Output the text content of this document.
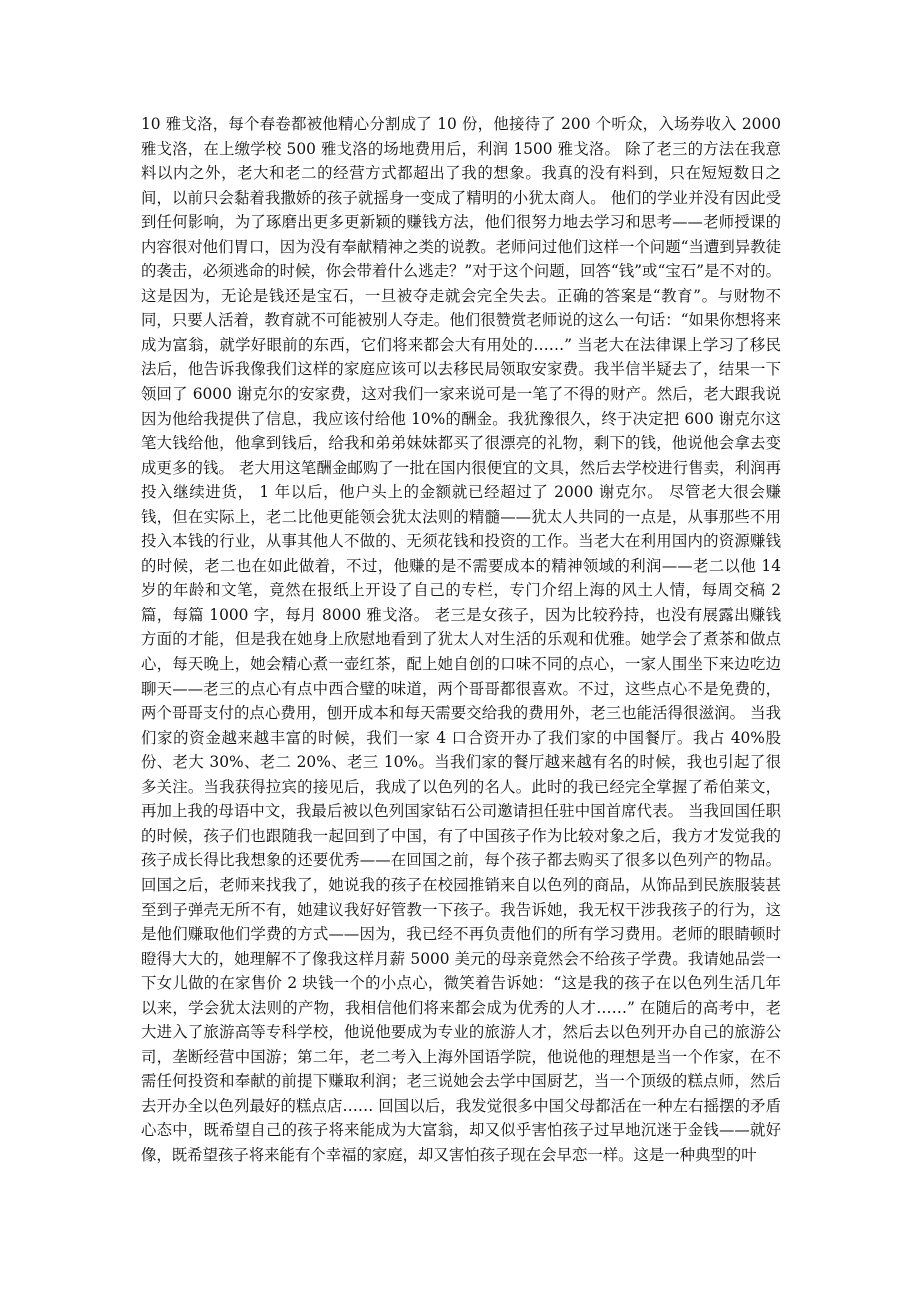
10 雅戈洛，每个春卷都被他精心分割成了 10 份，他接待了 200 个听众，入场券收入 2000 雅戈洛，在上缴学校 500 雅戈洛的场地费用后，利润 1500 雅戈洛。 除了老三的方法在我意料以内之外，老大和老二的经营方式都超出了我的想象。我真的没有料到，只在短短数日之间，以前只会黏着我撒娇的孩子就摇身一变成了精明的小犹太商人。 他们的学业并没有因此受到任何影响，为了琢磨出更多更新颖的赚钱方法，他们很努力地去学习和思考——老师授课的内容很对他们胃口，因为没有奉献精神之类的说教。老师问过他们这样一个问题“当遭到异教徒的袭击，必须逃命的时候，你会带着什么逃走？”对于这个问题，回答“钱”或“宝石”是不对的。这是因为，无论是钱还是宝石，一旦被夺走就会完全失去。正确的答案是“教育”。与财物不同，只要人活着，教育就不可能被别人夺走。他们很赞赏老师说的这么一句话：“如果你想将来成为富翁，就学好眼前的东西，它们将来都会大有用处的……” 当老大在法律课上学习了移民法后，他告诉我像我们这样的家庭应该可以去移民局领取安家费。我半信半疑去了，结果一下领回了 6000 谢克尔的安家费，这对我们一家来说可是一笔了不得的财产。然后，老大跟我说因为他给我提供了信息，我应该付给他 10%的酬金。我犹豫很久，终于决定把 600 谢克尔这笔大钱给他，他拿到钱后，给我和弟弟妹妹都买了很漂亮的礼物，剩下的钱，他说他会拿去变成更多的钱。 老大用这笔酬金邮购了一批在国内很便宜的文具，然后去学校进行售卖，利润再投入继续进货， 1 年以后，他户头上的金额就已经超过了 2000 谢克尔。 尽管老大很会赚钱，但在实际上，老二比他更能领会犹太法则的精髓——犹太人共同的一点是，从事那些不用投入本钱的行业，从事其他人不做的、无须花钱和投资的工作。当老大在利用国内的资源赚钱的时候，老二也在如此做着，不过，他赚的是不需要成本的精神领域的利润——老二以他 14 岁的年龄和文笔，竟然在报纸上开设了自己的专栏，专门介绍上海的风土人情，每周交稿 2 篇，每篇 1000 字，每月 8000 雅戈洛。 老三是女孩子，因为比较矜持，也没有展露出赚钱方面的才能，但是我在她身上欣慰地看到了犹太人对生活的乐观和优雅。她学会了煮茶和做点心，每天晚上，她会精心煮一壶红茶，配上她自创的口味不同的点心，一家人围坐下来边吃边聊天——老三的点心有点中西合璧的味道，两个哥哥都很喜欢。不过，这些点心不是免费的，两个哥哥支付的点心费用，刨开成本和每天需要交给我的费用外，老三也能活得很滋润。 当我们家的资金越来越丰富的时候，我们一家 4 口合资开办了我们家的中国餐厅。我占 40%股份、老大 30%、老二 20%、老三 10%。当我们家的餐厅越来越有名的时候，我也引起了很多关注。当我获得拉宾的接见后，我成了以色列的名人。此时的我已经完全掌握了希伯莱文，再加上我的母语中文，我最后被以色列国家钻石公司邀请担任驻中国首席代表。 当我回国任职的时候，孩子们也跟随我一起回到了中国，有了中国孩子作为比较对象之后，我方才发觉我的孩子成长得比我想象的还要优秀——在回国之前，每个孩子都去购买了很多以色列产的物品。回国之后，老师来找我了，她说我的孩子在校园推销来自以色列的商品，从饰品到民族服装甚至到子弹壳无所不有，她建议我好好管教一下孩子。我告诉她，我无权干涉我孩子的行为，这是他们赚取他们学费的方式——因为，我已经不再负责他们的所有学习费用。老师的眼睛顿时瞪得大大的，她理解不了像我这样月薪 5000 美元的母亲竟然会不给孩子学费。我请她品尝一下女儿做的在家售价 2 块钱一个的小点心，微笑着告诉她：“这是我的孩子在以色列生活几年以来，学会犹太法则的产物，我相信他们将来都会成为优秀的人才……” 在随后的高考中，老大进入了旅游高等专科学校，他说他要成为专业的旅游人才，然后去以色列开办自己的旅游公司，垄断经营中国游；第二年，老二考入上海外国语学院，他说他的理想是当一个作家，在不需任何投资和奉献的前提下赚取利润；老三说她会去学中国厨艺，当一个顶级的糕点师，然后去开办全以色列最好的糕点店…… 回国以后，我发觉很多中国父母都活在一种左右摇摆的矛盾心态中，既希望自己的孩子将来能成为大富翁，却又似乎害怕孩子过早地沉迷于金钱——就好像，既希望孩子将来能有个幸福的家庭，却又害怕孩子现在会早恋一样。这是一种典型的叶
